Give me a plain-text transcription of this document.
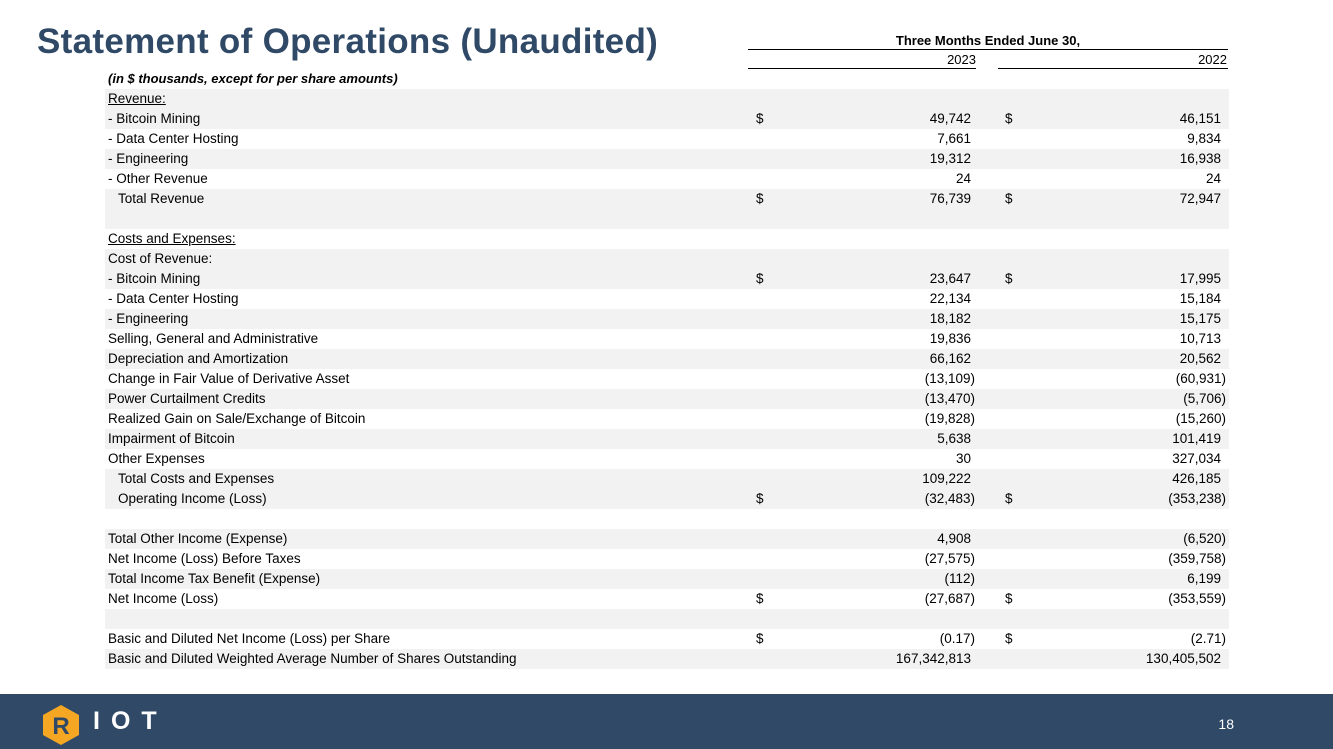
Statement of Operations (Unaudited)	Three Months Ended June 30,
2023	2022
(in $ thousands, except for per share amounts)
Revenue:
- Bitcoin Mining	$	49,742	$	46,151
- Data Center Hosting	7,661	9,834
- Engineering	19,312	16,938
- Other Revenue	24	24
Total Revenue	$	76,739	$	72,947
Costs and Expenses:
Cost of Revenue:
- Bitcoin Mining	$	23,647	$	17,995
- Data Center Hosting	22,134	15,184
- Engineering	18,182	15,175
Selling, General and Administrative	19,836	10,713
Depreciation and Amortization	66,162	20,562
Change in Fair Value of Derivative Asset	(13,109)	(60,931)
Power Curtailment Credits	(13,470)	(5,706)
Realized Gain on Sale/Exchange of Bitcoin	(19,828)	(15,260)
Impairment of Bitcoin	5,638	101,419
Other Expenses	30	327,034
Total Costs and Expenses	109,222	426,185
Operating Income (Loss)	$	(32,483) $	(353,238)
Total Other Income (Expense)	4,908	(6,520)
Net Income (Loss) Before Taxes	(27,575)	(359,758)
Total Income Tax Benefit (Expense)	(112)	6,199
Net Income (Loss)	$	(27,687) $	(353,559)
Basic and Diluted Net Income (Loss) per Share	$	(0.17) $	(2.71)
Basic and Diluted Weighted Average Number of Shares Outstanding	167,342,813	130,405,502
R IOT	18
